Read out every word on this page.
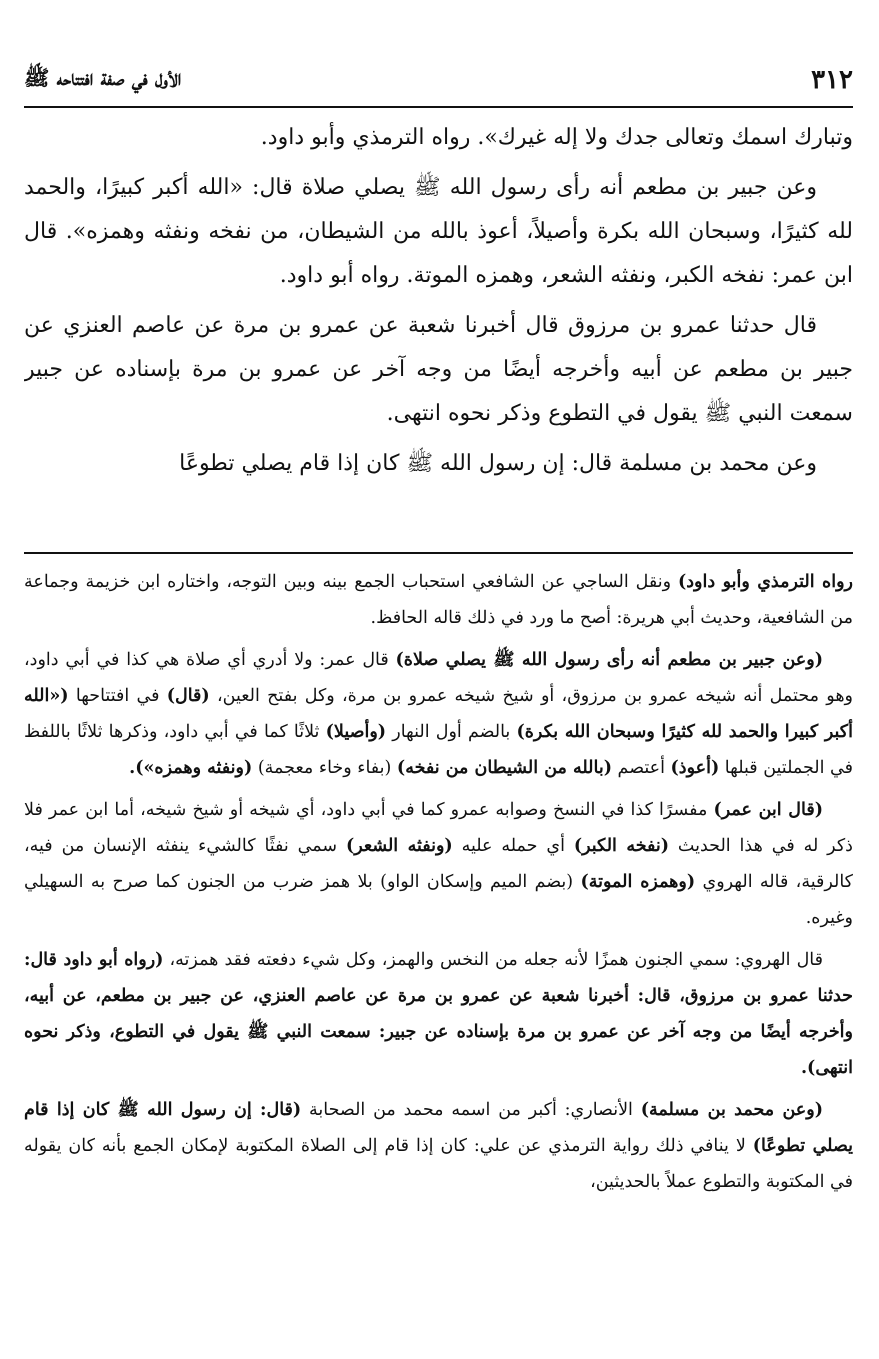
٣١٢
الأول في صفة افتتاحه ﷺ

وتبارك اسمك وتعالى جدك ولا إله غيرك». رواه الترمذي وأبو داود.

وعن جبير بن مطعم أنه رأى رسول الله ﷺ يصلي صلاة قال: «الله أكبر كبيرًا، والحمد لله كثيرًا، وسبحان الله بكرة وأصيلاً، أعوذ بالله من الشيطان، من نفخه ونفثه وهمزه». قال ابن عمر: نفخه الكبر، ونفثه الشعر، وهمزه الموتة. رواه أبو داود.

قال حدثنا عمرو بن مرزوق قال أخبرنا شعبة عن عمرو بن مرة عن عاصم العنزي عن جبير بن مطعم عن أبيه وأخرجه أيضًا من وجه آخر عن عمرو بن مرة بإسناده عن جبير سمعت النبي ﷺ يقول في التطوع وذكر نحوه انتهى.

وعن محمد بن مسلمة قال: إن رسول الله ﷺ كان إذا قام يصلي تطوعًا

رواه الترمذي وأبو داود) ونقل الساجي عن الشافعي استحباب الجمع بينه وبين التوجه، واختاره ابن خزيمة وجماعة من الشافعية، وحديث أبي هريرة: أصح ما ورد في ذلك قاله الحافظ.

(وعن جبير بن مطعم أنه رأى رسول الله ﷺ يصلي صلاة) قال عمر: ولا أدري أي صلاة هي كذا في أبي داود، وهو محتمل أنه شيخه عمرو بن مرزوق، أو شيخ شيخه عمرو بن مرة، وكل بفتح العين، (قال) في افتتاحها («الله أكبر كبيرا والحمد لله كثيرًا وسبحان الله بكرة) بالضم أول النهار (وأصيلا) ثلاثًا كما في أبي داود، وذكرها ثلاثًا باللفظ في الجملتين قبلها (أعوذ) أعتصم (بالله من الشيطان من نفخه) (بفاء وخاء معجمة) (ونفثه وهمزه»).

(قال ابن عمر) مفسرًا كذا في النسخ وصوابه عمرو كما في أبي داود، أي شيخه أو شيخ شيخه، أما ابن عمر فلا ذكر له في هذا الحديث (نفخه الكبر) أي حمله عليه (ونفثه الشعر) سمي نفثًا كالشيء ينفثه الإنسان من فيه، كالرقية، قاله الهروي (وهمزه الموتة) (بضم الميم وإسكان الواو) بلا همز ضرب من الجنون كما صرح به السهيلي وغيره.

قال الهروي: سمي الجنون همزًا لأنه جعله من النخس والهمز، وكل شيء دفعته فقد همزته، (رواه أبو داود قال: حدثنا عمرو بن مرزوق، قال: أخبرنا شعبة عن عمرو بن مرة عن عاصم العنزي، عن جبير بن مطعم، عن أبيه، وأخرجه أيضًا من وجه آخر عن عمرو بن مرة بإسناده عن جبير: سمعت النبي ﷺ يقول في التطوع، وذكر نحوه انتهى).

(وعن محمد بن مسلمة) الأنصاري: أكبر من اسمه محمد من الصحابة (قال: إن رسول الله ﷺ كان إذا قام يصلي تطوعًا) لا ينافي ذلك رواية الترمذي عن علي: كان إذا قام إلى الصلاة المكتوبة لإمكان الجمع بأنه كان يقوله في المكتوبة والتطوع عملاً بالحديثين،
